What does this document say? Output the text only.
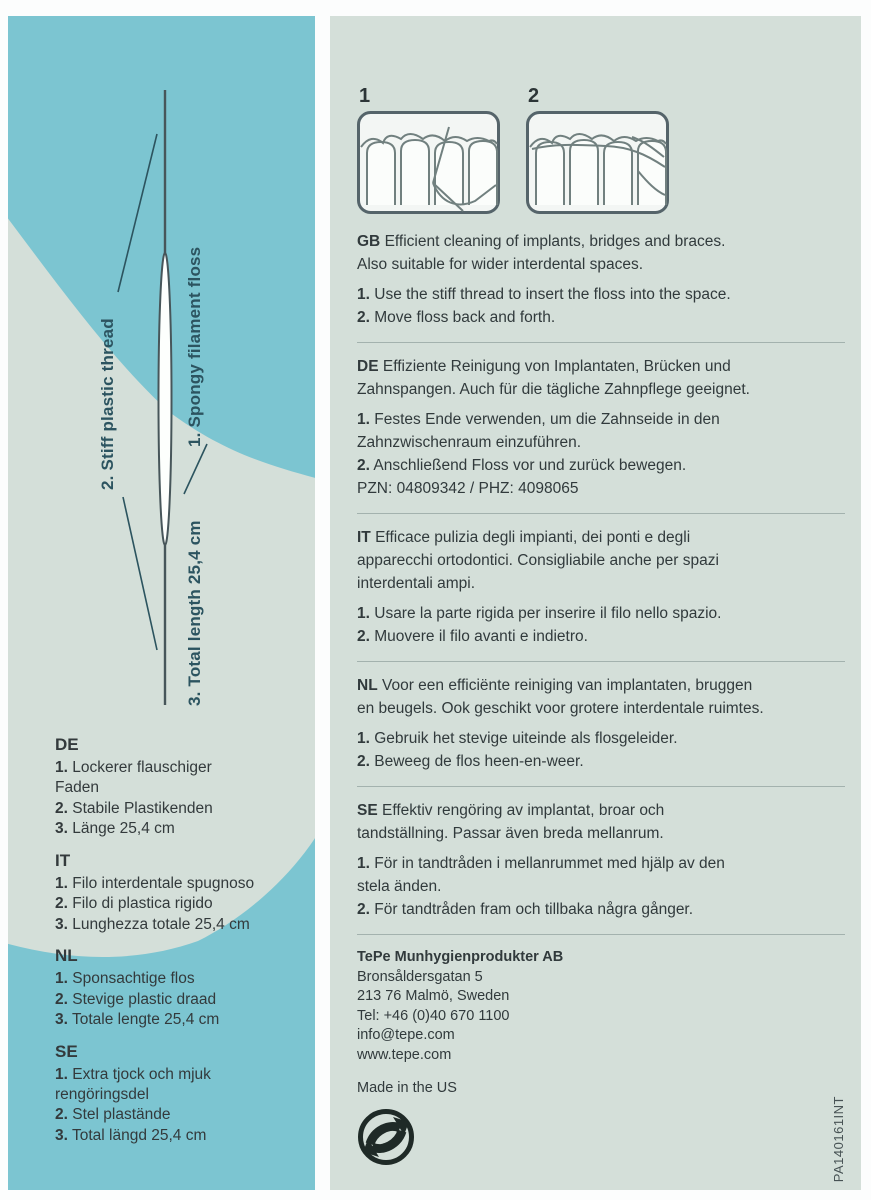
2. Stiff plastic thread	1. Spongy filament floss
3. Total length 25,4 cm
DE
1. Lockerer flauschiger
Faden
2. Stabile Plastikenden
3. Länge 25,4 cm
IT
1. Filo interdentale spugnoso
2. Filo di plastica rigido
3. Lunghezza totale 25,4 cm
NL
1. Sponsachtige flos
2. Stevige plastic draad
3. Totale lengte 25,4 cm
SE
1. Extra tjock och mjuk
rengöringsdel
2. Stel plastände
3. Total längd 25,4 cm
1	2

GB Efficient cleaning of implants, bridges and braces.
Also suitable for wider interdental spaces.

1. Use the stiff thread to insert the floss into the space.
2. Move floss back and forth.

DE Effiziente Reinigung von Implantaten, Brücken und
Zahnspangen. Auch für die tägliche Zahnpflege geeignet.

1. Festes Ende verwenden, um die Zahnseide in den
Zahnzwischenraum einzuführen.
2. Anschließend Floss vor und zurück bewegen.
PZN: 04809342 / PHZ: 4098065

IT Efficace pulizia degli impianti, dei ponti e degli
apparecchi ortodontici. Consigliabile anche per spazi
interdentali ampi.

1. Usare la parte rigida per inserire il filo nello spazio.
2. Muovere il filo avanti e indietro.

NL Voor een efficiënte reiniging van implantaten, bruggen
en beugels. Ook geschikt voor grotere interdentale ruimtes.

1. Gebruik het stevige uiteinde als flosgeleider.
2. Beweeg de flos heen-en-weer.

SE Effektiv rengöring av implantat, broar och
tandställning. Passar även breda mellanrum.

1. För in tandtråden i mellanrummet med hjälp av den
stela änden.
2. För tandtråden fram och tillbaka några gånger.
TePe Munhygienprodukter AB
Bronsåldersgatan 5
213 76 Malmö, Sweden
Tel: +46 (0)40 670 1100
info@tepe.com
www.tepe.com
Made in the US
PA140161INT
